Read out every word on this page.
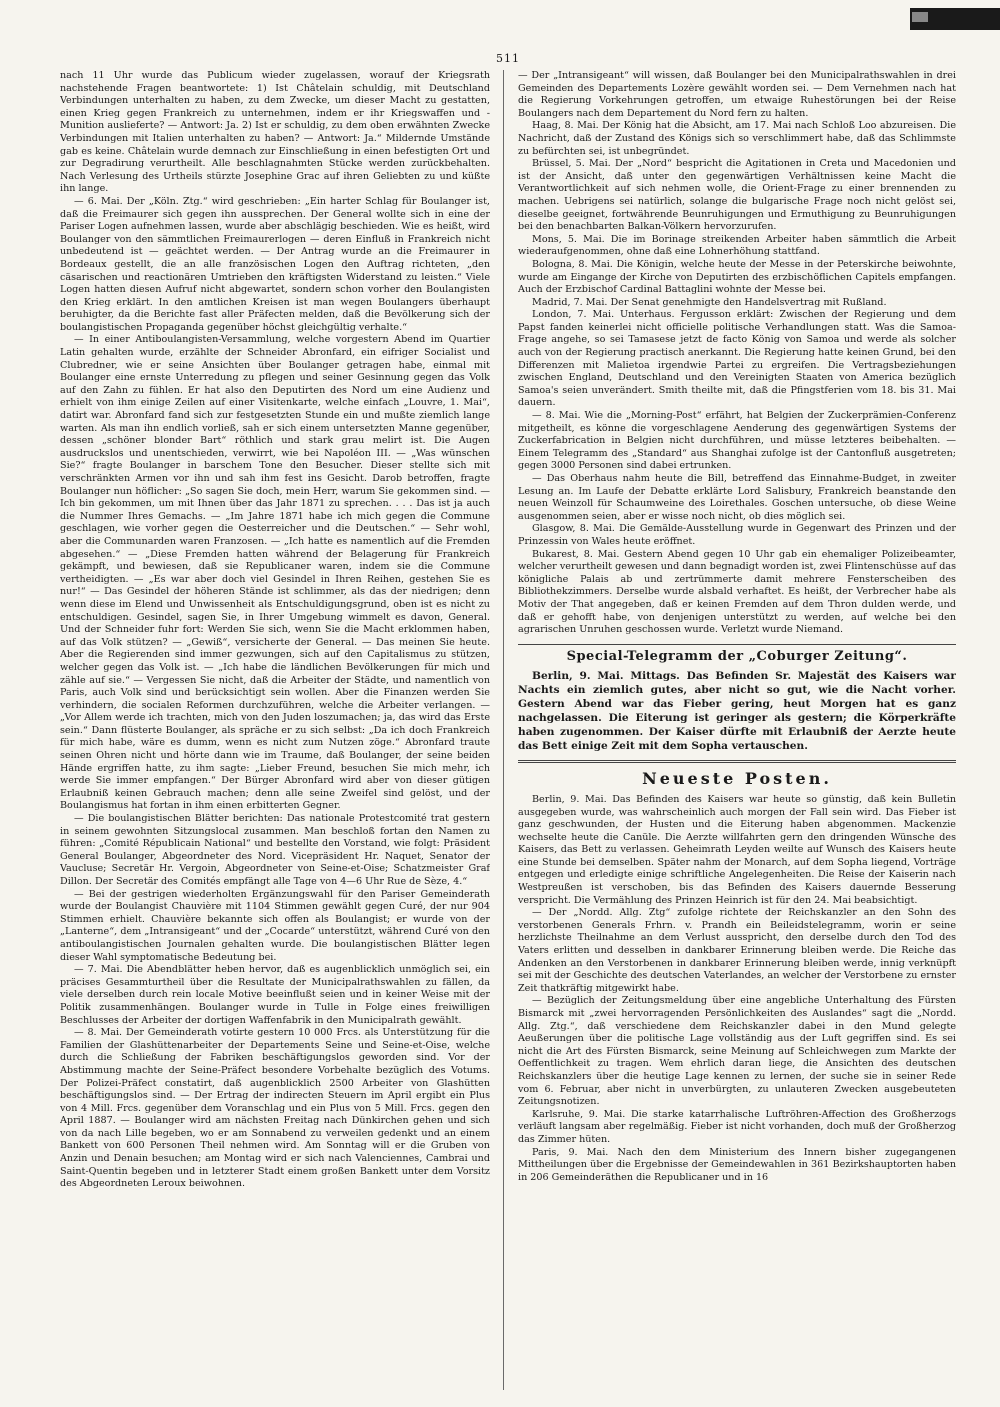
511

nach 11 Uhr wurde das Publicum wieder zugelassen, worauf der Kriegsrath nachstehende Fragen beantwortete: 1) Ist Châtelain schuldig, mit Deutschland Verbindungen unterhalten zu haben, zu dem Zwecke, um dieser Macht zu gestatten, einen Krieg gegen Frankreich zu unternehmen, indem er ihr Kriegswaffen und -Munition auslieferte? — Antwort: Ja. 2) Ist er schuldig, zu dem oben erwähnten Zwecke Verbindungen mit Italien unterhalten zu haben? — Antwort: Ja.“ Mildernde Umstände gab es keine. Châtelain wurde demnach zur Einschließung in einen befestigten Ort und zur Degradirung verurtheilt. Alle beschlagnahmten Stücke werden zurückbehalten. Nach Verlesung des Urtheils stürzte Josephine Grac auf ihren Geliebten zu und küßte ihn lange.

— 6. Mai. Der „Köln. Ztg.“ wird geschrieben: „Ein harter Schlag für Boulanger ist, daß die Freimaurer sich gegen ihn aussprechen. Der General wollte sich in eine der Pariser Logen aufnehmen lassen, wurde aber abschlägig beschieden. Wie es heißt, wird Boulanger von den sämmtlichen Freimaurerlogen — deren Einfluß in Frankreich nicht unbedeutend ist — geächtet werden. — Der Antrag wurde an die Freimaurer in Bordeaux gestellt, die an alle französischen Logen den Auftrag richteten, „den cäsarischen und reactionären Umtrieben den kräftigsten Widerstand zu leisten.“ Viele Logen hatten diesen Aufruf nicht abgewartet, sondern schon vorher den Boulangisten den Krieg erklärt. In den amtlichen Kreisen ist man wegen Boulangers überhaupt beruhigter, da die Berichte fast aller Präfecten melden, daß die Bevölkerung sich der boulangistischen Propaganda gegenüber höchst gleichgültig verhalte.“

— In einer Antiboulangisten-Versammlung, welche vorgestern Abend im Quartier Latin gehalten wurde, erzählte der Schneider Abronfard, ein eifriger Socialist und Clubredner, wie er seine Ansichten über Boulanger getragen habe, einmal mit Boulanger eine ernste Unterredung zu pflegen und seiner Gesinnung gegen das Volk auf den Zahn zu fühlen. Er hat also den Deputirten des Nord um eine Audienz und erhielt von ihm einige Zeilen auf einer Visitenkarte, welche einfach „Louvre, 1. Mai“, datirt war. Abronfard fand sich zur festgesetzten Stunde ein und mußte ziemlich lange warten. Als man ihn endlich vorließ, sah er sich einem untersetzten Manne gegenüber, dessen „schöner blonder Bart“ röthlich und stark grau melirt ist. Die Augen ausdruckslos und unentschieden, verwirrt, wie bei Napoléon III. — „Was wünschen Sie?“ fragte Boulanger in barschem Tone den Besucher. Dieser stellte sich mit verschränkten Armen vor ihn und sah ihm fest ins Gesicht. Darob betroffen, fragte Boulanger nun höflicher: „So sagen Sie doch, mein Herr, warum Sie gekommen sind. — Ich bin gekommen, um mit Ihnen über das Jahr 1871 zu sprechen. . . . Das ist ja auch die Nummer Ihres Gemachs. — „Im Jahre 1871 habe ich mich gegen die Commune geschlagen, wie vorher gegen die Oesterreicher und die Deutschen.“ — Sehr wohl, aber die Communarden waren Franzosen. — „Ich hatte es namentlich auf die Fremden abgesehen.“ — „Diese Fremden hatten während der Belagerung für Frankreich gekämpft, und bewiesen, daß sie Republicaner waren, indem sie die Commune vertheidigten. — „Es war aber doch viel Gesindel in Ihren Reihen, gestehen Sie es nur!“ — Das Gesindel der höheren Stände ist schlimmer, als das der niedrigen; denn wenn diese im Elend und Unwissenheit als Entschuldigungsgrund, oben ist es nicht zu entschuldigen. Gesindel, sagen Sie, in Ihrer Umgebung wimmelt es davon, General. Und der Schneider fuhr fort: Werden Sie sich, wenn Sie die Macht erklommen haben, auf das Volk stützen? — „Gewiß“, versicherte der General. — Das meinen Sie heute. Aber die Regierenden sind immer gezwungen, sich auf den Capitalismus zu stützen, welcher gegen das Volk ist. — „Ich habe die ländlichen Bevölkerungen für mich und zähle auf sie.“ — Vergessen Sie nicht, daß die Arbeiter der Städte, und namentlich von Paris, auch Volk sind und berücksichtigt sein wollen. Aber die Finanzen werden Sie verhindern, die socialen Reformen durchzuführen, welche die Arbeiter verlangen. — „Vor Allem werde ich trachten, mich von den Juden loszumachen; ja, das wird das Erste sein.“ Dann flüsterte Boulanger, als spräche er zu sich selbst: „Da ich doch Frankreich für mich habe, wäre es dumm, wenn es nicht zum Nutzen zöge.“ Abronfard traute seinen Ohren nicht und hörte dann wie im Traume, daß Boulanger, der seine beiden Hände ergriffen hatte, zu ihm sagte: „Lieber Freund, besuchen Sie mich mehr, ich werde Sie immer empfangen.“ Der Bürger Abronfard wird aber von dieser gütigen Erlaubniß keinen Gebrauch machen; denn alle seine Zweifel sind gelöst, und der Boulangismus hat fortan in ihm einen erbitterten Gegner.

— Die boulangistischen Blätter berichten: Das nationale Protestcomité trat gestern in seinem gewohnten Sitzungslocal zusammen. Man beschloß fortan den Namen zu führen: „Comité Républicain National“ und bestellte den Vorstand, wie folgt: Präsident General Boulanger, Abgeordneter des Nord. Vicepräsident Hr. Naquet, Senator der Vaucluse; Secretär Hr. Vergoin, Abgeordneter von Seine-et-Oise; Schatzmeister Graf Dillon. Der Secretär des Comités empfängt alle Tage von 4—6 Uhr Rue de Sèze, 4.“

— Bei der gestrigen wiederholten Ergänzungswahl für den Pariser Gemeinderath wurde der Boulangist Chauvière mit 1104 Stimmen gewählt gegen Curé, der nur 904 Stimmen erhielt. Chauvière bekannte sich offen als Boulangist; er wurde von der „Lanterne“, dem „Intransigeant“ und der „Cocarde“ unterstützt, während Curé von den antiboulangistischen Journalen gehalten wurde. Die boulangistischen Blätter legen dieser Wahl symptomatische Bedeutung bei.

— 7. Mai. Die Abendblätter heben hervor, daß es augenblicklich unmöglich sei, ein präcises Gesammturtheil über die Resultate der Municipalrathswahlen zu fällen, da viele derselben durch rein locale Motive beeinflußt seien und in keiner Weise mit der Politik zusammenhängen. Boulanger wurde in Tulle in Folge eines freiwilligen Beschlusses der Arbeiter der dortigen Waffenfabrik in den Municipalrath gewählt.

— 8. Mai. Der Gemeinderath votirte gestern 10 000 Frcs. als Unterstützung für die Familien der Glashüttenarbeiter der Departements Seine und Seine-et-Oise, welche durch die Schließung der Fabriken beschäftigungslos geworden sind. Vor der Abstimmung machte der Seine-Präfect besondere Vorbehalte bezüglich des Votums. Der Polizei-Präfect constatirt, daß augenblicklich 2500 Arbeiter von Glashütten beschäftigungslos sind. — Der Ertrag der indirecten Steuern im April ergibt ein Plus von 4 Mill. Frcs. gegenüber dem Voranschlag und ein Plus von 5 Mill. Frcs. gegen den April 1887. — Boulanger wird am nächsten Freitag nach Dünkirchen gehen und sich von da nach Lille begeben, wo er am Sonnabend zu verweilen gedenkt und an einem Bankett von 600 Personen Theil nehmen wird. Am Sonntag will er die Gruben von Anzin und Denain besuchen; am Montag wird er sich nach Valenciennes, Cambrai und Saint-Quentin begeben und in letzterer Stadt einem großen Bankett unter dem Vorsitz des Abgeordneten Leroux beiwohnen.

— Der „Intransigeant“ will wissen, daß Boulanger bei den Municipalrathswahlen in drei Gemeinden des Departements Lozère gewählt worden sei. — Dem Vernehmen nach hat die Regierung Vorkehrungen getroffen, um etwaige Ruhestörungen bei der Reise Boulangers nach dem Departement du Nord fern zu halten.

Haag, 8. Mai. Der König hat die Absicht, am 17. Mai nach Schloß Loo abzureisen. Die Nachricht, daß der Zustand des Königs sich so verschlimmert habe, daß das Schlimmste zu befürchten sei, ist unbegründet.

Brüssel, 5. Mai. Der „Nord“ bespricht die Agitationen in Creta und Macedonien und ist der Ansicht, daß unter den gegenwärtigen Verhältnissen keine Macht die Verantwortlichkeit auf sich nehmen wolle, die Orient-Frage zu einer brennenden zu machen. Uebrigens sei natürlich, solange die bulgarische Frage noch nicht gelöst sei, dieselbe geeignet, fortwährende Beunruhigungen und Ermuthigung zu Beunruhigungen bei den benachbarten Balkan-Völkern hervorzurufen.

Mons, 5. Mai. Die im Borinage streikenden Arbeiter haben sämmtlich die Arbeit wiederaufgenommen, ohne daß eine Lohnerhöhung stattfand.

Bologna, 8. Mai. Die Königin, welche heute der Messe in der Peterskirche beiwohnte, wurde am Eingange der Kirche von Deputirten des erzbischöflichen Capitels empfangen. Auch der Erzbischof Cardinal Battaglini wohnte der Messe bei.

Madrid, 7. Mai. Der Senat genehmigte den Handelsvertrag mit Rußland.

London, 7. Mai. Unterhaus. Fergusson erklärt: Zwischen der Regierung und dem Papst fanden keinerlei nicht officielle politische Verhandlungen statt. Was die Samoa-Frage angehe, so sei Tamasese jetzt de facto König von Samoa und werde als solcher auch von der Regierung practisch anerkannt. Die Regierung hatte keinen Grund, bei den Differenzen mit Malietoa irgendwie Partei zu ergreifen. Die Vertragsbeziehungen zwischen England, Deutschland und den Vereinigten Staaten von America bezüglich Samoa's seien unverändert. Smith theilte mit, daß die Pfingstferien vom 18. bis 31. Mai dauern.

— 8. Mai. Wie die „Morning-Post“ erfährt, hat Belgien der Zuckerprämien-Conferenz mitgetheilt, es könne die vorgeschlagene Aenderung des gegenwärtigen Systems der Zuckerfabrication in Belgien nicht durchführen, und müsse letzteres beibehalten. — Einem Telegramm des „Standard“ aus Shanghai zufolge ist der Cantonfluß ausgetreten; gegen 3000 Personen sind dabei ertrunken.

— Das Oberhaus nahm heute die Bill, betreffend das Einnahme-Budget, in zweiter Lesung an. Im Laufe der Debatte erklärte Lord Salisbury, Frankreich beanstande den neuen Weinzoll für Schaumweine des Loirethales. Goschen untersuche, ob diese Weine ausgenommen seien, aber er wisse noch nicht, ob dies möglich sei.

Glasgow, 8. Mai. Die Gemälde-Ausstellung wurde in Gegenwart des Prinzen und der Prinzessin von Wales heute eröffnet.

Bukarest, 8. Mai. Gestern Abend gegen 10 Uhr gab ein ehemaliger Polizeibeamter, welcher verurtheilt gewesen und dann begnadigt worden ist, zwei Flintenschüsse auf das königliche Palais ab und zertrümmerte damit mehrere Fensterscheiben des Bibliothekzimmers. Derselbe wurde alsbald verhaftet. Es heißt, der Verbrecher habe als Motiv der That angegeben, daß er keinen Fremden auf dem Thron dulden werde, und daß er gehofft habe, von denjenigen unterstützt zu werden, auf welche bei den agrarischen Unruhen geschossen wurde. Verletzt wurde Niemand.

Special-Telegramm der „Coburger Zeitung“.

Berlin, 9. Mai. Mittags. Das Befinden Sr. Majestät des Kaisers war Nachts ein ziemlich gutes, aber nicht so gut, wie die Nacht vorher. Gestern Abend war das Fieber gering, heut Morgen hat es ganz nachgelassen. Die Eiterung ist geringer als gestern; die Körperkräfte haben zugenommen. Der Kaiser dürfte mit Erlaubniß der Aerzte heute das Bett einige Zeit mit dem Sopha vertauschen.

Neueste Posten.

Berlin, 9. Mai. Das Befinden des Kaisers war heute so günstig, daß kein Bulletin ausgegeben wurde, was wahrscheinlich auch morgen der Fall sein wird. Das Fieber ist ganz geschwunden, der Husten und die Eiterung haben abgenommen. Mackenzie wechselte heute die Canüle. Die Aerzte willfahrten gern den dringenden Wünsche des Kaisers, das Bett zu verlassen. Geheimrath Leyden weilte auf Wunsch des Kaisers heute eine Stunde bei demselben. Später nahm der Monarch, auf dem Sopha liegend, Vorträge entgegen und erledigte einige schriftliche Angelegenheiten. Die Reise der Kaiserin nach Westpreußen ist verschoben, bis das Befinden des Kaisers dauernde Besserung verspricht. Die Vermählung des Prinzen Heinrich ist für den 24. Mai beabsichtigt.

— Der „Nordd. Allg. Ztg“ zufolge richtete der Reichskanzler an den Sohn des verstorbenen Generals Frhrn. v. Prandh ein Beileidstelegramm, worin er seine herzlichste Theilnahme an dem Verlust ausspricht, den derselbe durch den Tod des Vaters erlitten und desselben in dankbarer Erinnerung bleiben werde. Die Reiche das Andenken an den Verstorbenen in dankbarer Erinnerung bleiben werde, innig verknüpft sei mit der Geschichte des deutschen Vaterlandes, an welcher der Verstorbene zu ernster Zeit thatkräftig mitgewirkt habe.

— Bezüglich der Zeitungsmeldung über eine angebliche Unterhaltung des Fürsten Bismarck mit „zwei hervorragenden Persönlichkeiten des Auslandes“ sagt die „Nordd. Allg. Ztg.“, daß verschiedene dem Reichskanzler dabei in den Mund gelegte Aeußerungen über die politische Lage vollständig aus der Luft gegriffen sind. Es sei nicht die Art des Fürsten Bismarck, seine Meinung auf Schleichwegen zum Markte der Oeffentlichkeit zu tragen. Wem ehrlich daran liege, die Ansichten des deutschen Reichskanzlers über die heutige Lage kennen zu lernen, der suche sie in seiner Rede vom 6. Februar, aber nicht in unverbürgten, zu unlauteren Zwecken ausgebeuteten Zeitungsnotizen.

Karlsruhe, 9. Mai. Die starke katarrhalische Luftröhren-Affection des Großherzogs verläuft langsam aber regelmäßig. Fieber ist nicht vorhanden, doch muß der Großherzog das Zimmer hüten.

Paris, 9. Mai. Nach den dem Ministerium des Innern bisher zugegangenen Mittheilungen über die Ergebnisse der Gemeindewahlen in 361 Bezirkshauptorten haben in 206 Gemeinderäthen die Republicaner und in 16
